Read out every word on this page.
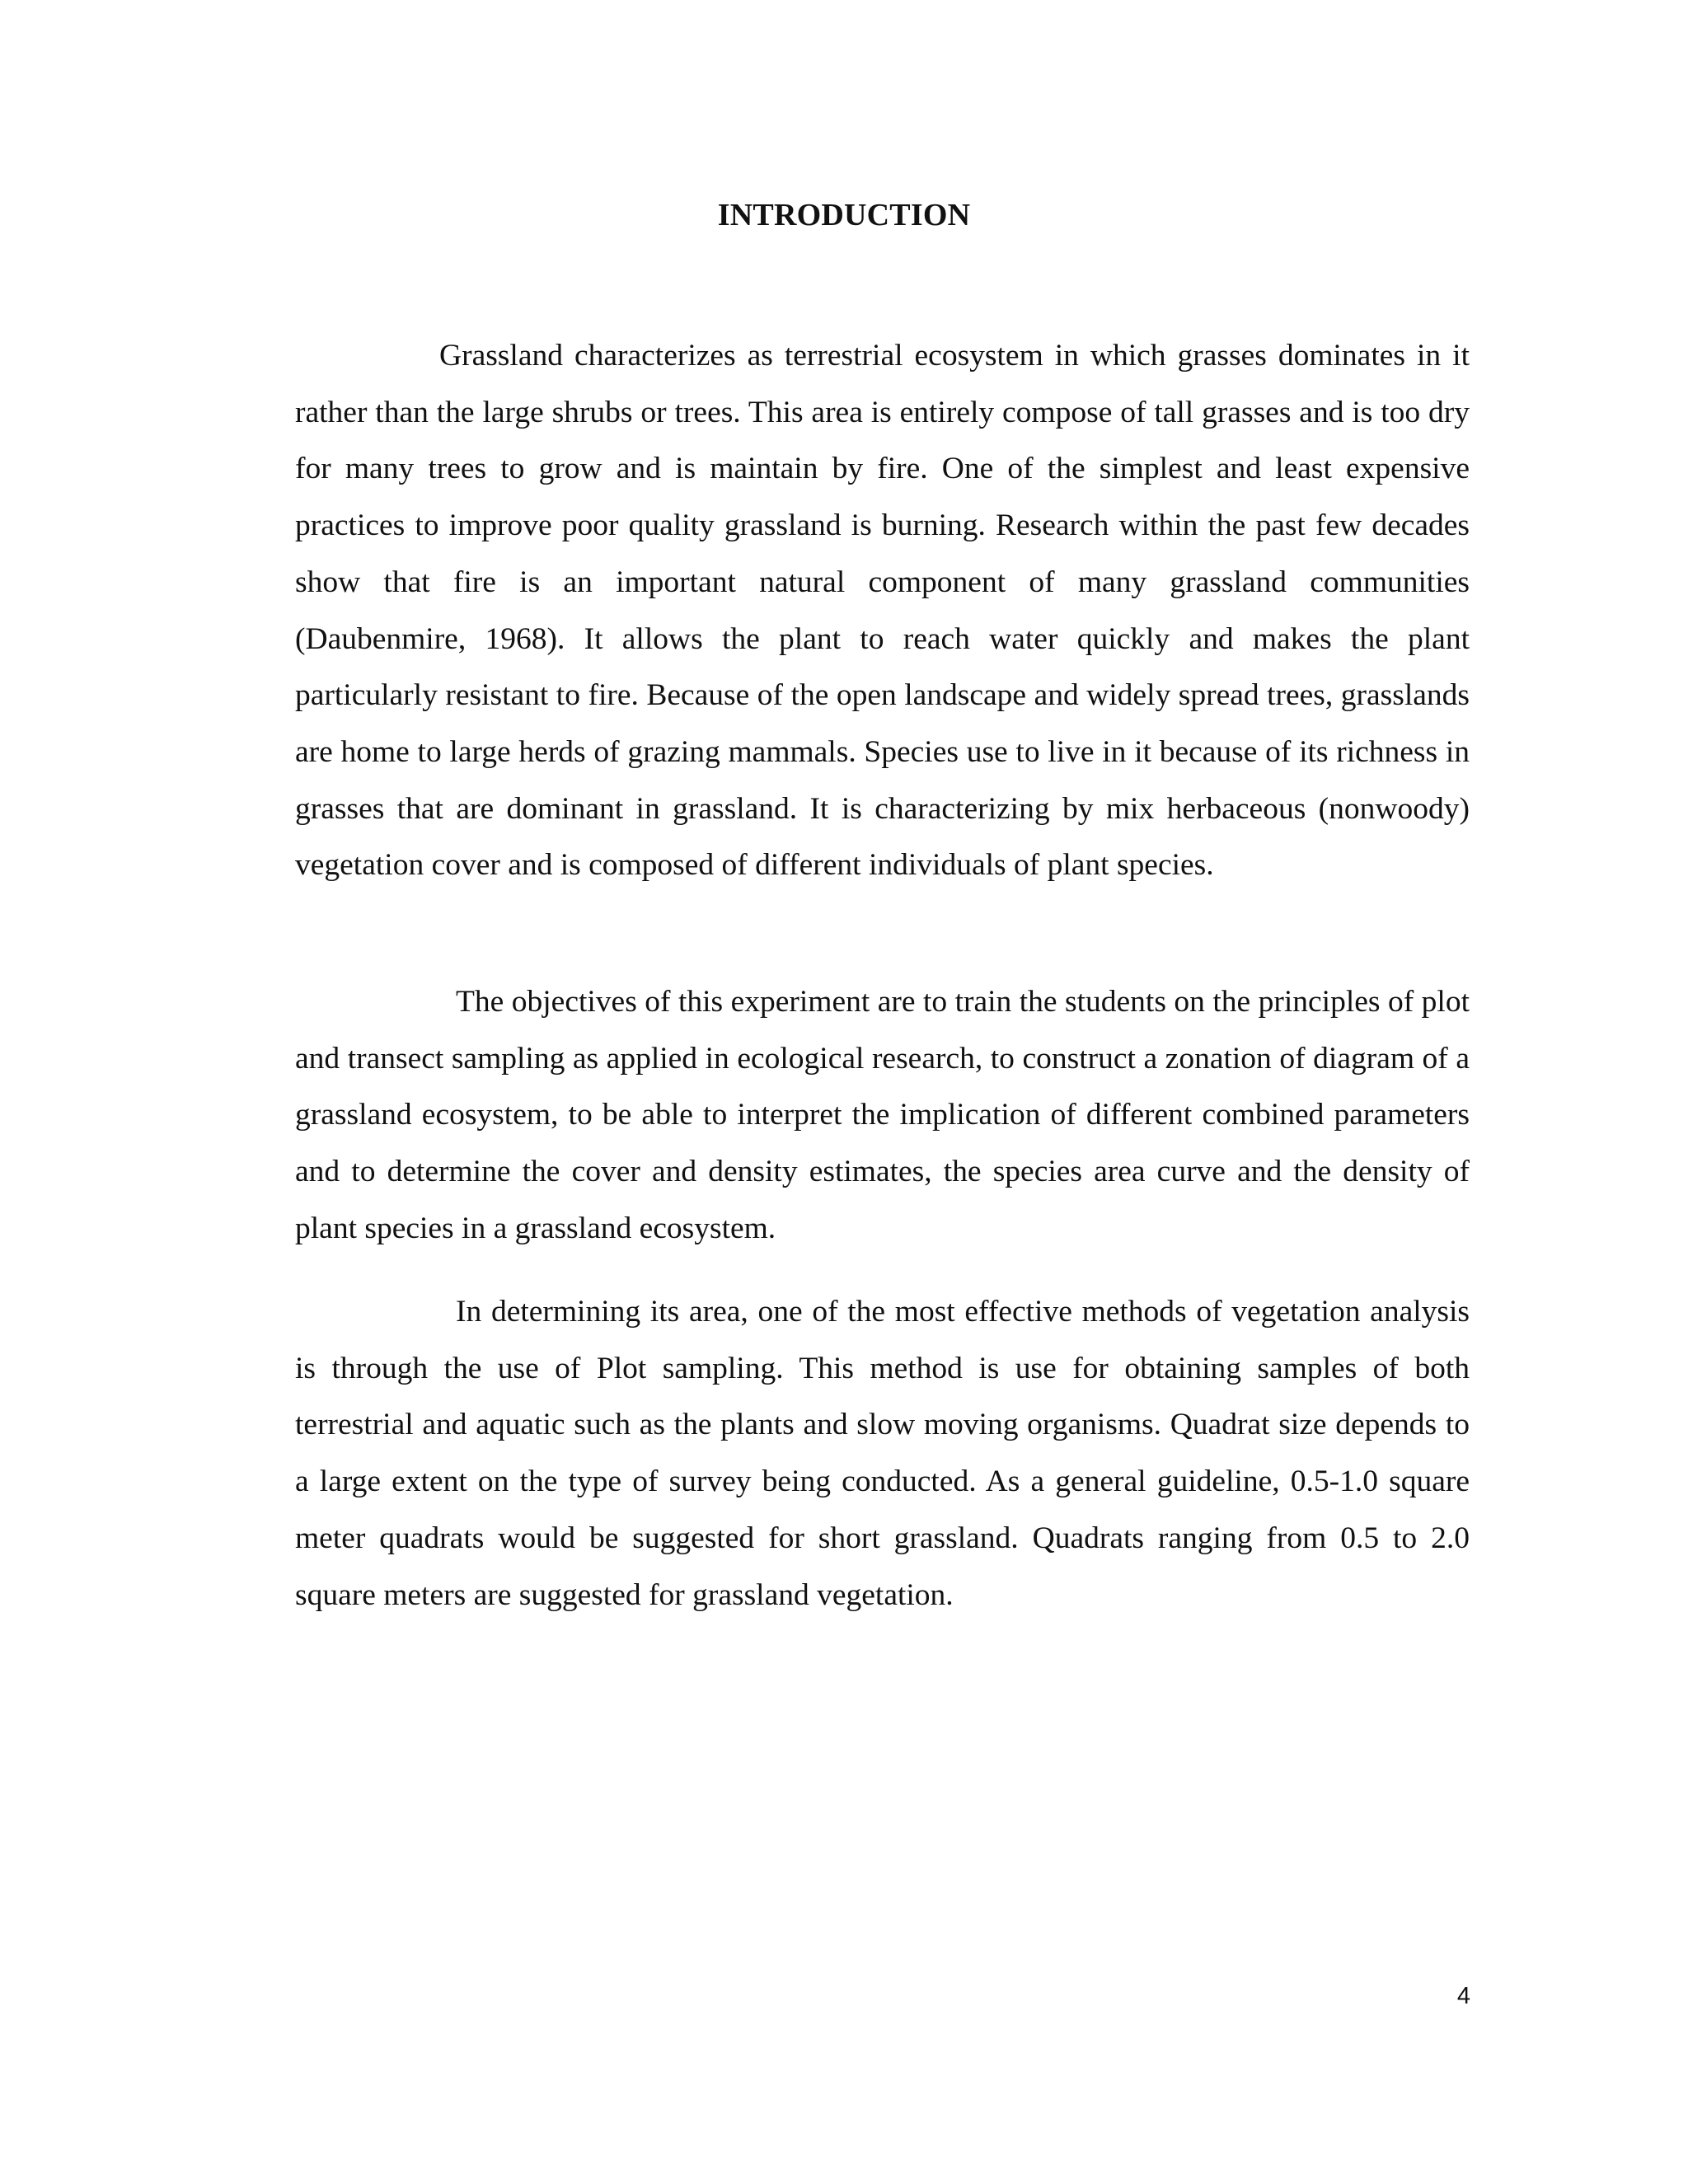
INTRODUCTION

Grassland characterizes as terrestrial ecosystem in which grasses dominates in it rather than the large shrubs or trees. This area is entirely compose of tall grasses and is too dry for many trees to grow and is maintain by fire. One of the simplest and least expensive practices to improve poor quality grassland is burning. Research within the past few decades show that fire is an important natural component of many grassland communities (Daubenmire, 1968). It allows the plant to reach water quickly and makes the plant particularly resistant to fire. Because of the open landscape and widely spread trees, grasslands are home to large herds of grazing mammals. Species use to live in it because of its richness in grasses that are dominant in grassland. It is characterizing by mix herbaceous (nonwoody) vegetation cover and is composed of different individuals of plant species.

The objectives of this experiment are to train the students on the principles of plot and transect sampling as applied in ecological research, to construct a zonation of diagram of a grassland ecosystem, to be able to interpret the implication of different combined parameters and to determine the cover and density estimates, the species area curve and the density of plant species in a grassland ecosystem.

In determining its area, one of the most effective methods of vegetation analysis is through the use of Plot sampling. This method is use for obtaining samples of both terrestrial and aquatic such as the plants and slow moving organisms. Quadrat size depends to a large extent on the type of survey being conducted. As a general guideline, 0.5-1.0 square meter quadrats would be suggested for short grassland. Quadrats ranging from 0.5 to 2.0 square meters are suggested for grassland vegetation.

4
